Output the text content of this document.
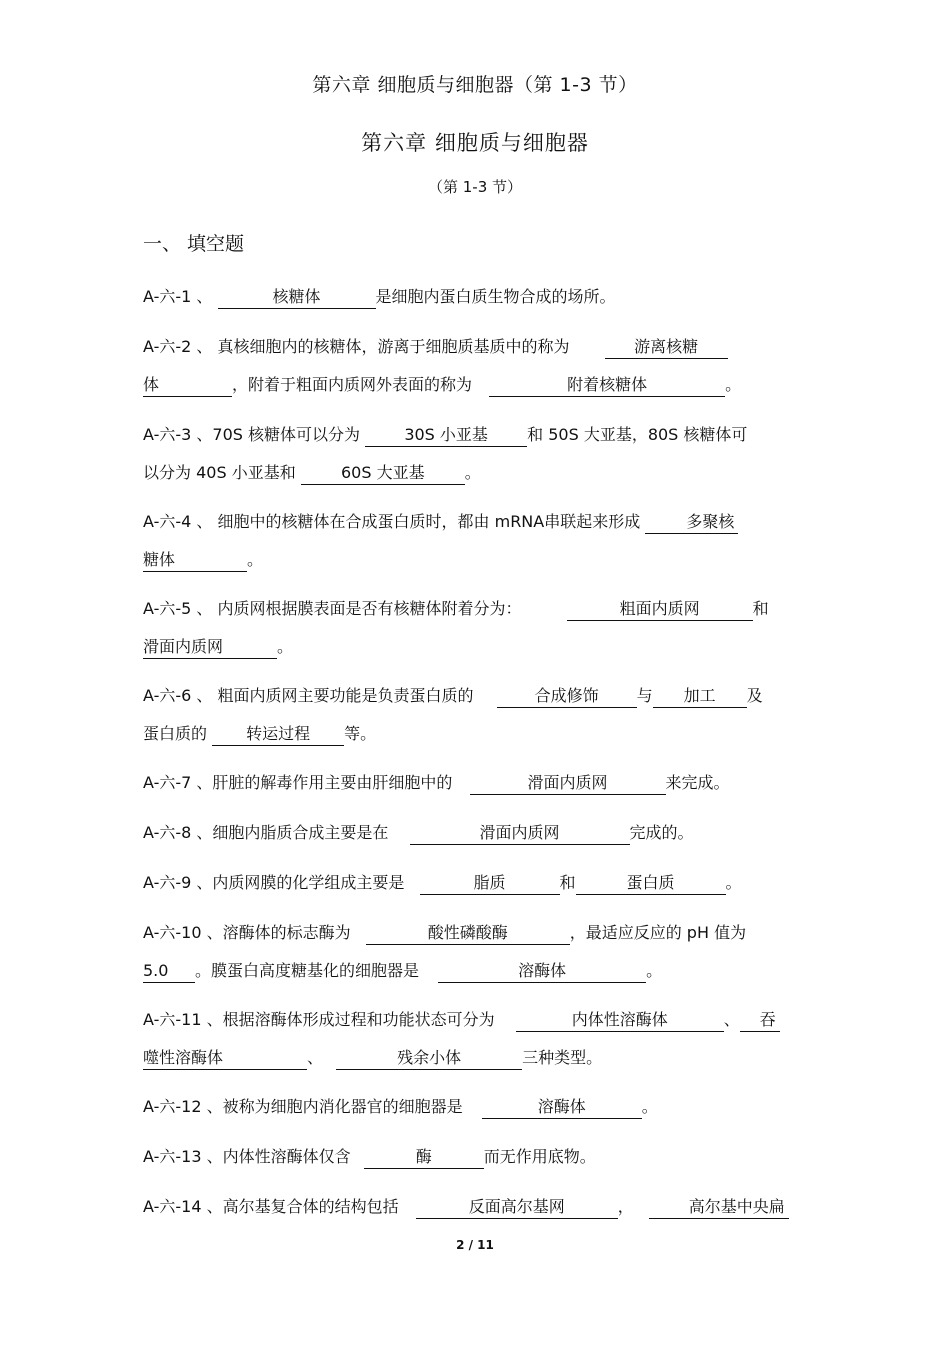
第六章 细胞质与细胞器（第 1-3 节）
第六章 细胞质与细胞器
（第 1-3 节）
一、 填空题

A-六-1 、	核糖体	是细胞内蛋白质生物合成的场所。

A-六-2 、 真核细胞内的核糖体，游离于细胞质基质中的称为	游离核糖
体	，附着于粗面内质网外表面的称为	附着核糖体	。

A-六-3 、70S 核糖体可以分为	30S 小亚基 和 50S 大亚基，80S 核糖体可
以分为 40S 小亚基和	60S 大亚基	。

A-六-4 、 细胞中的核糖体在合成蛋白质时，都由 mRNA串联起来形成	多聚核
糖体	。

A-六-5 、 内质网根据膜表面是否有核糖体附着分为：	粗面内质网	和
滑面内质网	。

A-六-6 、 粗面内质网主要功能是负责蛋白质的	合成修饰 与 加工 及
蛋白质的 转运过程 等。

A-六-7 、肝脏的解毒作用主要由肝细胞中的	滑面内质网	来完成。

A-六-8 、细胞内脂质合成主要是在	滑面内质网	完成的。

A-六-9 、内质网膜的化学组成主要是	脂质	和	蛋白质	。

A-六-10 、溶酶体的标志酶为	酸性磷酸酶	，最适应反应的 pH 值为
5.0 。膜蛋白高度糖基化的细胞器是	溶酶体	。

A-六-11 、根据溶酶体形成过程和功能状态可分为	内体性溶酶体	、 吞
噬性溶酶体	、	残余小体	三种类型。

A-六-12 、被称为细胞内消化器官的细胞器是	溶酶体	。

A-六-13 、内体性溶酶体仅含	酶	而无作用底物。

A-六-14 、高尔基复合体的结构包括	反面高尔基网	，	高尔基中央扁

2 / 11
